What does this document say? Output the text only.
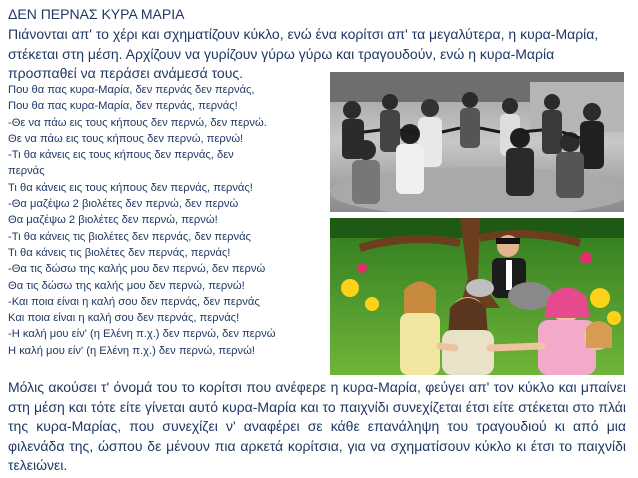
ΔΕΝ ΠΕΡΝΑΣ ΚΥΡΑ ΜΑΡΙΑ
Πιάνονται απ' το χέρι και σχηματίζουν κύκλο, ενώ ένα κορίτσι απ' τα μεγαλύτερα, η κυρα-Μαρία, στέκεται στη μέση. Αρχίζουν να γυρίζουν γύρω γύρω και τραγουδούν, ενώ η κυρα-Μαρία προσπαθεί να περάσει ανάμεσά τους.
Που θα πας κυρα-Μαρία, δεν περνάς δεν περνάς,
Που θα πας κυρα-Μαρία, δεν περνάς, περνάς!
-Θε να πάω εις τους κήπους δεν περνώ, δεν περνώ.
Θε να πάω εις τους κήπους δεν περνώ, περνώ!
-Τι θα κάνεις εις τους κήπους δεν περνάς, δεν
περνάς
Τι θα κάνεις εις τους κήπους δεν περνάς, περνάς!
-Θα μαζέψω 2 βιολέτες δεν περνώ, δεν περνώ
Θα μαζέψω 2 βιολέτες δεν περνώ, περνώ!
-Τι θα κάνεις τις βιολέτες δεν περνάς, δεν περνάς
Τι θα κάνεις τις βιολέτες δεν περνάς, περνάς!
-Θα τις δώσω της καλής μου δεν περνώ, δεν περνώ
Θα τις δώσω της καλής μου δεν περνώ, περνώ!
-Και ποια είναι η καλή σου δεν περνάς, δεν περνάς
Και ποια είναι η καλή σου δεν περνάς, περνάς!
-Η καλή μου είν' (η Ελένη π.χ.) δεν περνώ, δεν περνώ
Η καλή μου είν' (η Ελένη π.χ.) δεν περνώ, περνώ!
Μόλις ακούσει τ' όνομά του το κορίτσι που ανέφερε η κυρα-Μαρία, φεύγει απ' τον κύκλο και μπαίνει στη μέση και τότε είτε γίνεται αυτό κυρα-Μαρία και το παιχνίδι συνεχίζεται έτσι είτε στέκεται στο πλάι της κυρα-Μαρίας, που συνεχίζει ν' αναφέρει σε κάθε επανάληψη του τραγουδιού κι από μια φιλενάδα της, ώσπου δε μένουν πια αρκετά κορίτσια, για να σχηματίσουν κύκλο κι έτσι το παιχνίδι τελειώνει.
